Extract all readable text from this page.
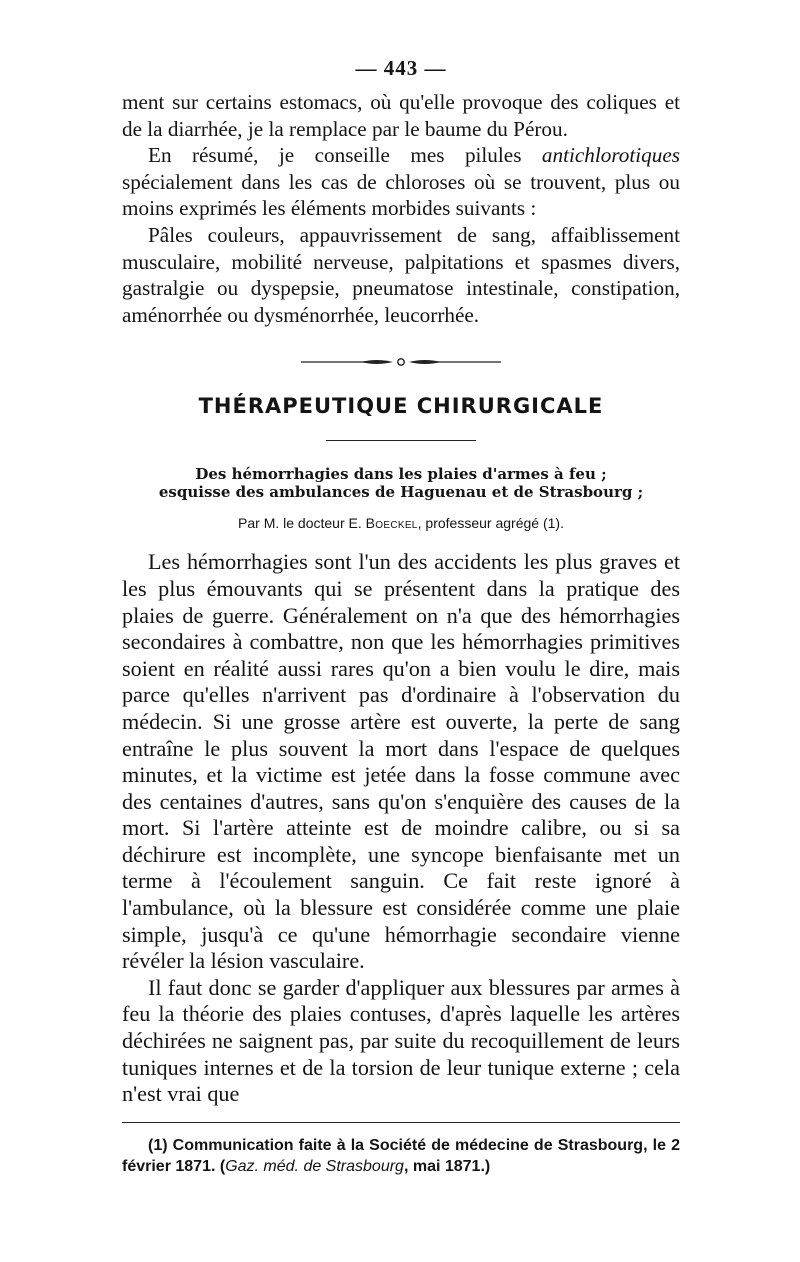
— 443 —

ment sur certains estomacs, où qu'elle provoque des coliques et de la diarrhée, je la remplace par le baume du Pérou.

En résumé, je conseille mes pilules antichlorotiques spécialement dans les cas de chloroses où se trouvent, plus ou moins exprimés les éléments morbides suivants :

Pâles couleurs, appauvrissement de sang, affaiblissement musculaire, mobilité nerveuse, palpitations et spasmes divers, gastralgie ou dyspepsie, pneumatose intestinale, constipation, aménorrhée ou dysménorrhée, leucorrhée.

THÉRAPEUTIQUE CHIRURGICALE
Des hémorrhagies dans les plaies d'armes à feu ;
esquisse des ambulances de Haguenau et de Strasbourg ;
Par M. le docteur E. Boeckel, professeur agrégé (1).

Les hémorrhagies sont l'un des accidents les plus graves et les plus émouvants qui se présentent dans la pratique des plaies de guerre. Généralement on n'a que des hémorrhagies secondaires à combattre, non que les hémorrhagies primitives soient en réalité aussi rares qu'on a bien voulu le dire, mais parce qu'elles n'arrivent pas d'ordinaire à l'observation du médecin. Si une grosse artère est ouverte, la perte de sang entraîne le plus souvent la mort dans l'espace de quelques minutes, et la victime est jetée dans la fosse commune avec des centaines d'autres, sans qu'on s'enquière des causes de la mort. Si l'artère atteinte est de moindre calibre, ou si sa déchirure est incomplète, une syncope bienfaisante met un terme à l'écoulement sanguin. Ce fait reste ignoré à l'ambulance, où la blessure est considérée comme une plaie simple, jusqu'à ce qu'une hémorrhagie secondaire vienne révéler la lésion vasculaire.

Il faut donc se garder d'appliquer aux blessures par armes à feu la théorie des plaies contuses, d'après laquelle les artères déchirées ne saignent pas, par suite du recoquillement de leurs tuniques internes et de la torsion de leur tunique externe ; cela n'est vrai que

(1) Communication faite à la Société de médecine de Strasbourg, le 2 février 1871. (Gaz. méd. de Strasbourg, mai 1871.)
